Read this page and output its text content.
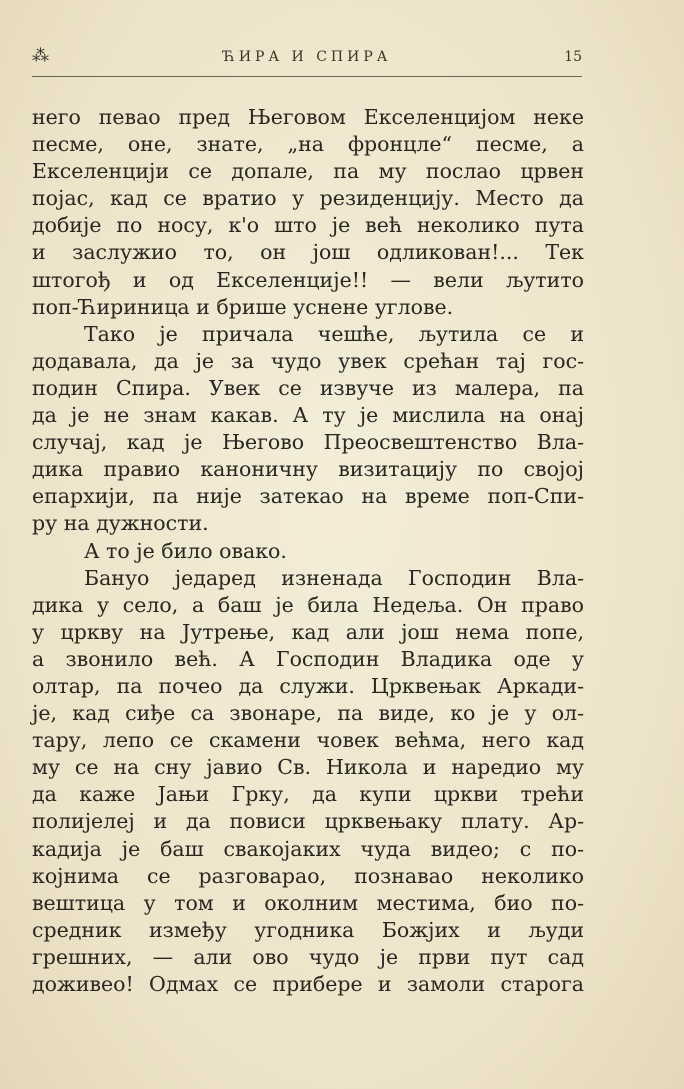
⁂	ЋИРА И СПИРА	15
него певао пред Његовом Екселенцијом неке
песме, оне, знате, „на фронцле“ песме, а
Екселенцији се допале, па му послао црвен
појас, кад се вратио у резиденцију. Место да
добије по носу, к'о што је већ неколико пута
и заслужио то, он још одликован!... Тек
штогођ и од Екселенције!! — вели љутито
поп-Ћириница и брише уснене углове.
Тако је причала чешће, љутила се и
додавала, да је за чудо увек срећан тај гос-
подин Спира. Увек се извуче из малера, па
да је не знам какав. А ту је мислила на онај
случај, кад је Његово Преосвештенство Вла-
дика правио каноничну визитацију по својој
епархији, па није затекао на време поп-Спи-
ру на дужности.
А то је било овако.
Бануо једаред изненада Господин Вла-
дика у село, а баш је била Недеља. Он право
у цркву на Јутрење, кад али још нема попе,
а звонило већ. А Господин Владика оде у
олтар, па почео да служи. Црквењак Аркади-
је, кад сиђе са звонаре, па виде, ко је у ол-
тару, лепо се скамени човек већма, него кад
му се на сну јавио Св. Никола и наредио му
да каже Јањи Грку, да купи цркви трећи
полијелеј и да повиси црквењаку плату. Ар-
кадија је баш свакојаких чуда видео; с по-
којнима се разговарао, познавао неколико
вештица у том и околним местима, био по-
средник између угодника Божјих и људи
грешних, — али ово чудо је први пут сад
доживео! Одмах се прибере и замоли старога
